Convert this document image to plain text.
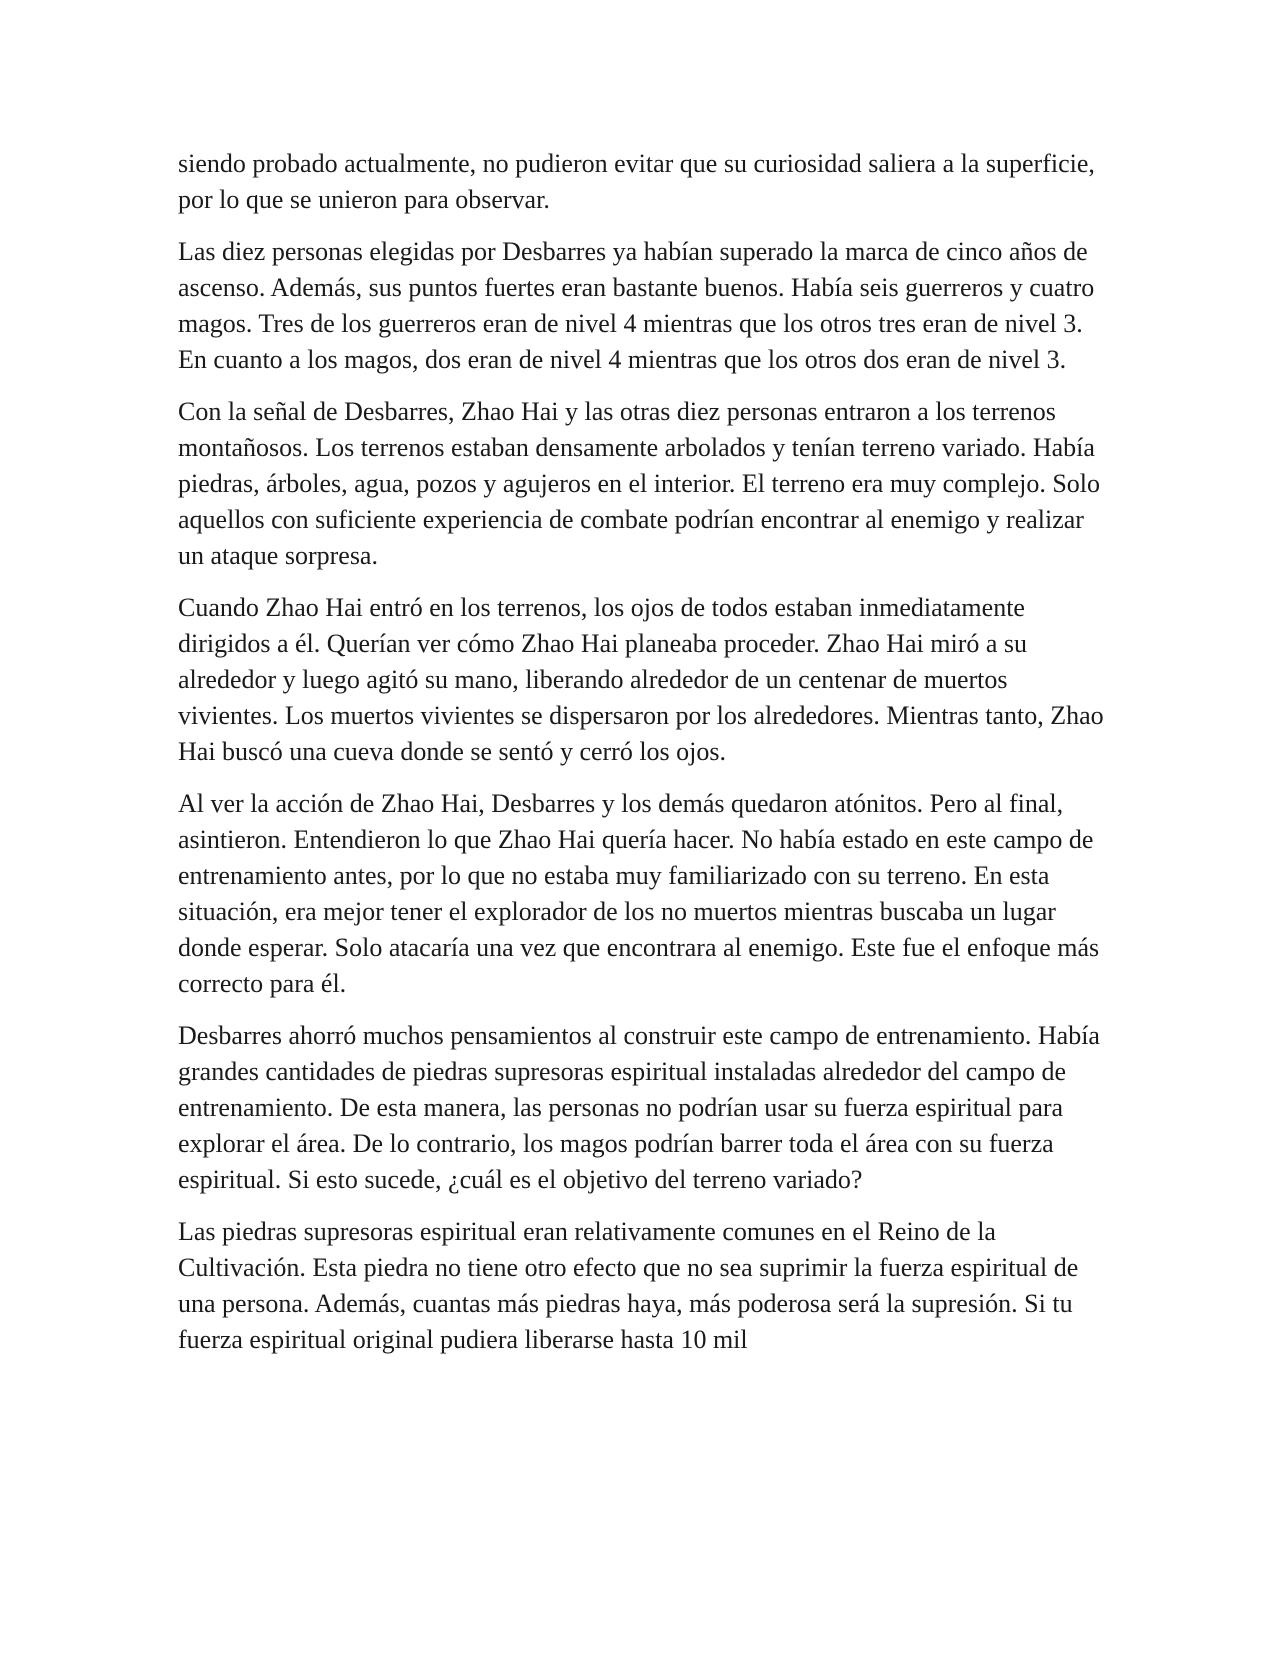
siendo probado actualmente, no pudieron evitar que su curiosidad saliera a la superficie, por lo que se unieron para observar.

Las diez personas elegidas por Desbarres ya habían superado la marca de cinco años de ascenso. Además, sus puntos fuertes eran bastante buenos. Había seis guerreros y cuatro magos. Tres de los guerreros eran de nivel 4 mientras que los otros tres eran de nivel 3. En cuanto a los magos, dos eran de nivel 4 mientras que los otros dos eran de nivel 3.

Con la señal de Desbarres, Zhao Hai y las otras diez personas entraron a los terrenos montañosos. Los terrenos estaban densamente arbolados y tenían terreno variado. Había piedras, árboles, agua, pozos y agujeros en el interior. El terreno era muy complejo. Solo aquellos con suficiente experiencia de combate podrían encontrar al enemigo y realizar un ataque sorpresa.

Cuando Zhao Hai entró en los terrenos, los ojos de todos estaban inmediatamente dirigidos a él. Querían ver cómo Zhao Hai planeaba proceder. Zhao Hai miró a su alrededor y luego agitó su mano, liberando alrededor de un centenar de muertos vivientes. Los muertos vivientes se dispersaron por los alrededores. Mientras tanto, Zhao Hai buscó una cueva donde se sentó y cerró los ojos.

Al ver la acción de Zhao Hai, Desbarres y los demás quedaron atónitos. Pero al final, asintieron. Entendieron lo que Zhao Hai quería hacer. No había estado en este campo de entrenamiento antes, por lo que no estaba muy familiarizado con su terreno. En esta situación, era mejor tener el explorador de los no muertos mientras buscaba un lugar donde esperar. Solo atacaría una vez que encontrara al enemigo. Este fue el enfoque más correcto para él.

Desbarres ahorró muchos pensamientos al construir este campo de entrenamiento. Había grandes cantidades de piedras supresoras espiritual instaladas alrededor del campo de entrenamiento. De esta manera, las personas no podrían usar su fuerza espiritual para explorar el área. De lo contrario, los magos podrían barrer toda el área con su fuerza espiritual. Si esto sucede, ¿cuál es el objetivo del terreno variado?

Las piedras supresoras espiritual eran relativamente comunes en el Reino de la Cultivación. Esta piedra no tiene otro efecto que no sea suprimir la fuerza espiritual de una persona. Además, cuantas más piedras haya, más poderosa será la supresión. Si tu fuerza espiritual original pudiera liberarse hasta 10 mil
